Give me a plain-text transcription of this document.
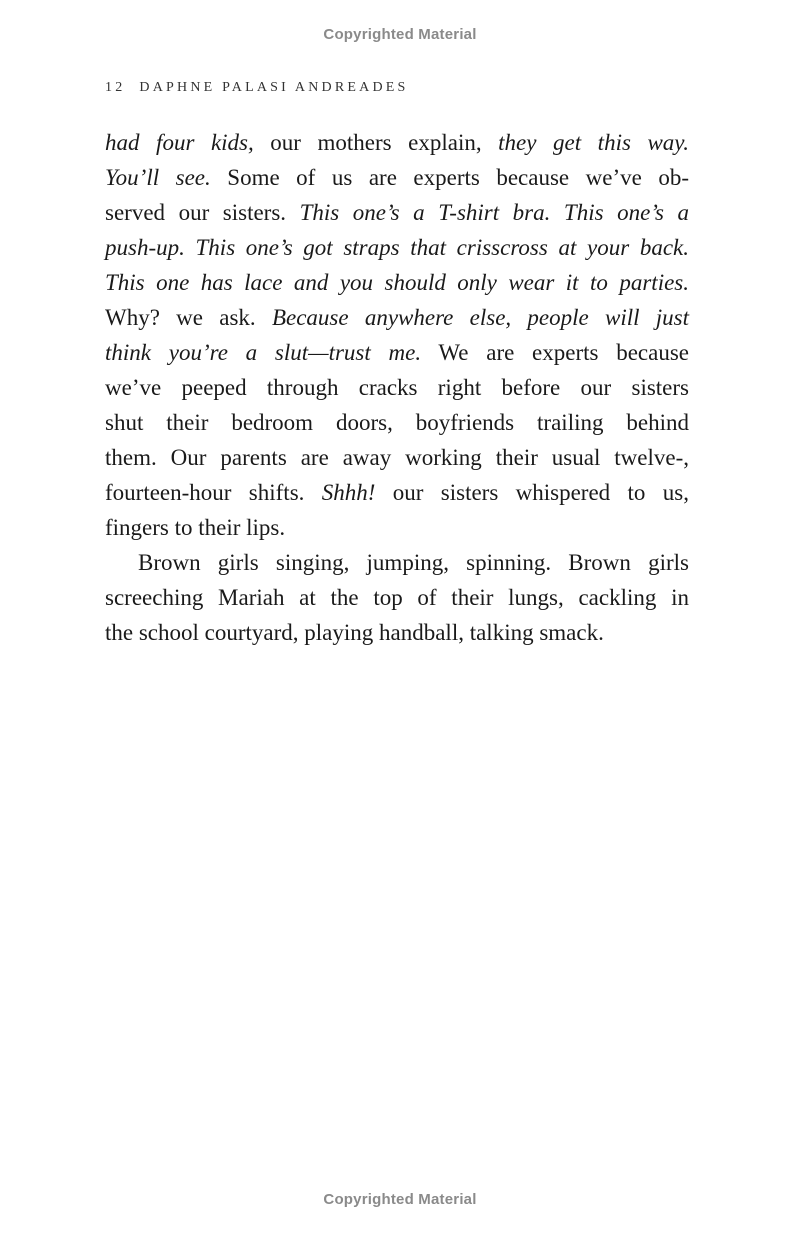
Copyrighted Material
12 DAPHNE PALASI ANDREADES
had four kids, our mothers explain, they get this way.
You’ll see. Some of us are experts because we’ve ob-
served our sisters. This one’s a T-shirt bra. This one’s a
push-up. This one’s got straps that crisscross at your back.
This one has lace and you should only wear it to parties.
Why? we ask. Because anywhere else, people will just
think you’re a slut—trust me. We are experts because
we’ve peeped through cracks right before our sisters
shut their bedroom doors, boyfriends trailing behind
them. Our parents are away working their usual twelve-,
fourteen-hour shifts. Shhh! our sisters whispered to us,
fingers to their lips.
Brown girls singing, jumping, spinning. Brown girls
screeching Mariah at the top of their lungs, cackling in
the school courtyard, playing handball, talking smack.
Copyrighted Material
